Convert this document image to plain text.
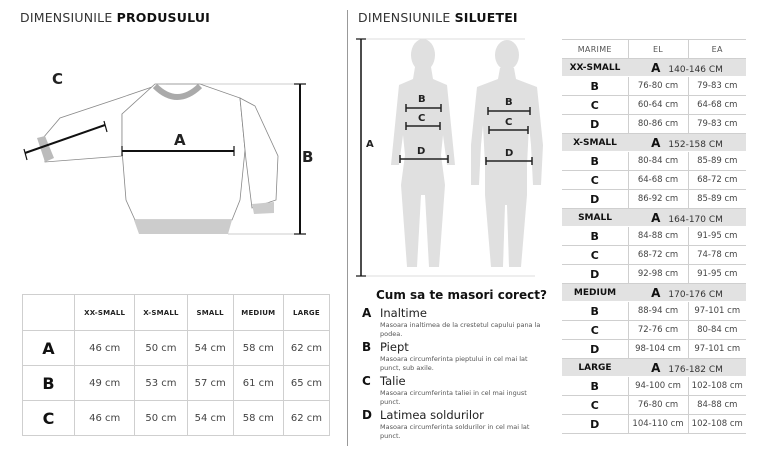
DIMENSIUNILE PRODUSULUI
C
A
B
	XX-SMALL	X-SMALL	SMALL	MEDIUM	LARGE
A	46 cm	50 cm	54 cm	58 cm	62 cm
B	49 cm	53 cm	57 cm	61 cm	65 cm
C	46 cm	50 cm	54 cm	58 cm	62 cm
DIMENSIUNILE SILUETEI
A
B
C
D
B
C
D
Cum sa te masori corect?
A Inaltime
Masoara inaltimea de la crestetul capului pana la podea.
B Piept
Masoara circumferinta pieptului in cel mai lat punct, sub axile.
C Talie
Masoara circumferinta taliei in cel mai ingust punct.
D Latimea soldurilor
Masoara circumferinta soldurilor in cel mai lat punct.
MARIME	EL	EA
XX-SMALL	A 140-146 CM	
B	76-80 cm	79-83 cm
C	60-64 cm	64-68 cm
D	80-86 cm	79-83 cm
X-SMALL	A 152-158 CM	
B	80-84 cm	85-89 cm
C	64-68 cm	68-72 cm
D	86-92 cm	85-89 cm
SMALL	A 164-170 CM	
B	84-88 cm	91-95 cm
C	68-72 cm	74-78 cm
D	92-98 cm	91-95 cm
MEDIUM	A 170-176 CM	
B	88-94 cm	97-101 cm
C	72-76 cm	80-84 cm
D	98-104 cm	97-101 cm
LARGE	A 176-182 CM	
B	94-100 cm	102-108 cm
C	76-80 cm	84-88 cm
D	104-110 cm	102-108 cm
